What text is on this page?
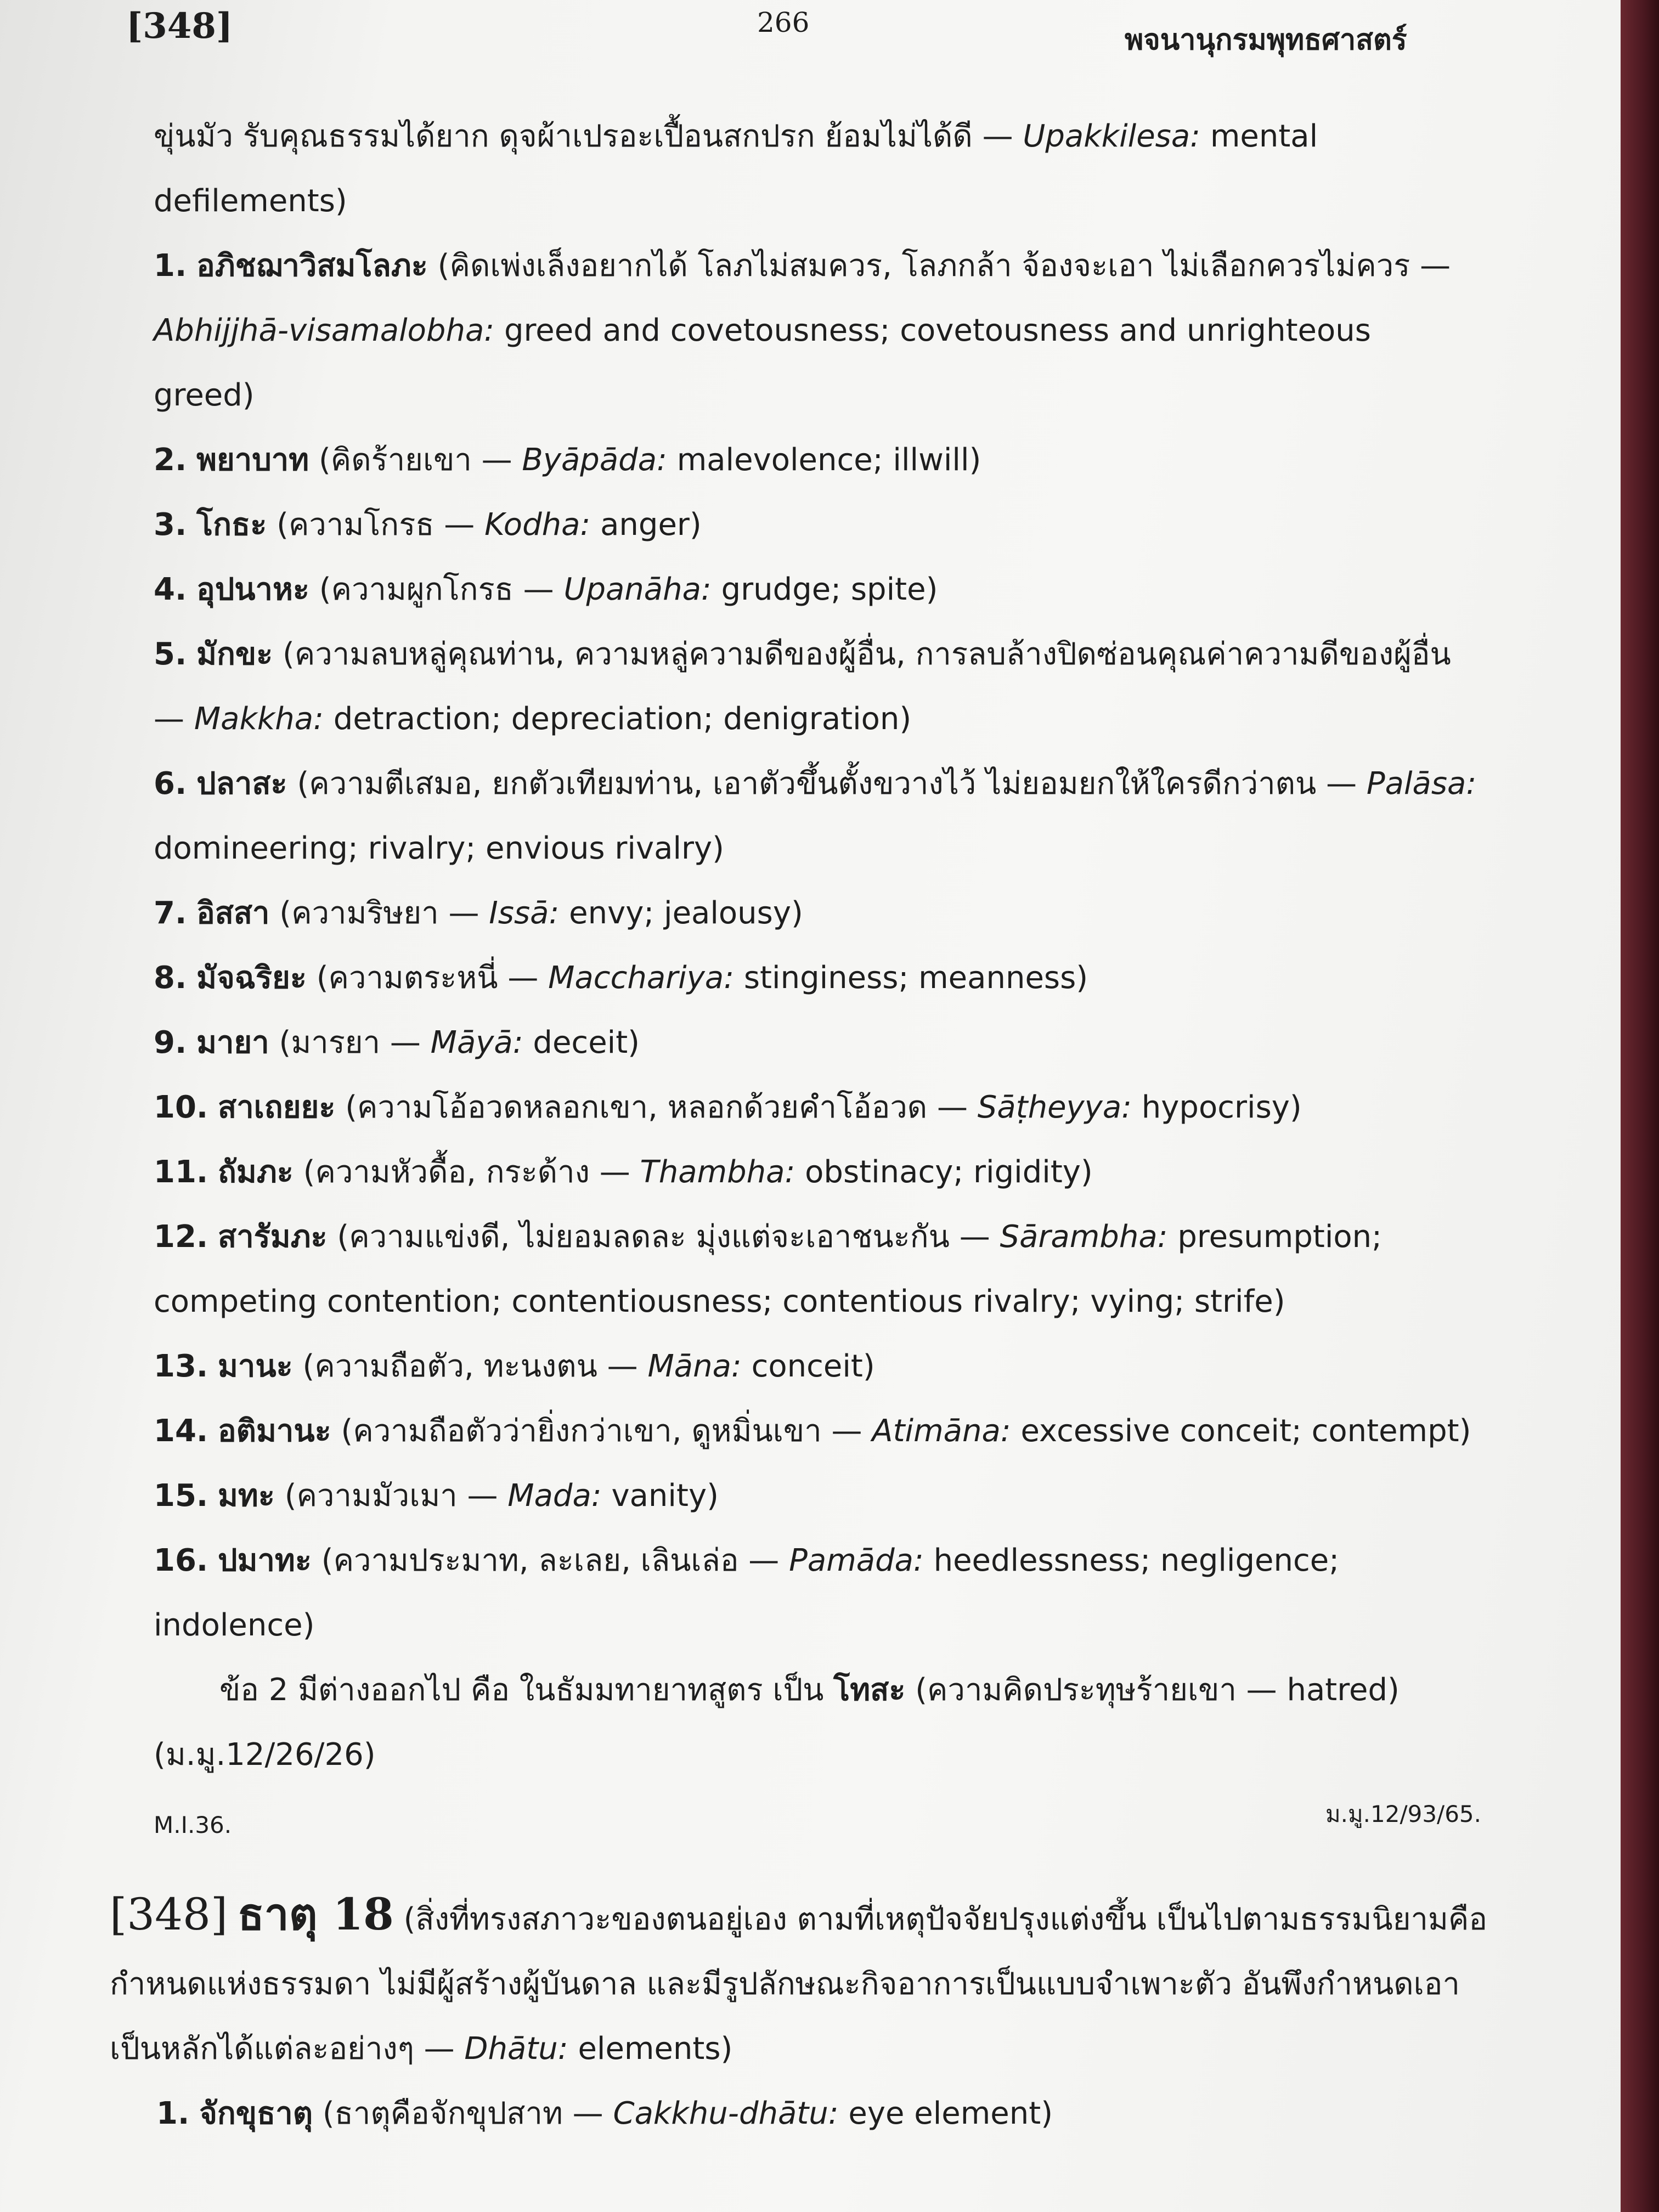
[348]	266
พจนานุกรมพุทธศาสตร์

ขุ่นมัว รับคุณธรรมได้ยาก ดุจผ้าเปรอะเปื้อนสกปรก ย้อมไม่ได้ดี — Upakkilesa: mental defilements)

1. อภิชฌาวิสมโลภะ (คิดเพ่งเล็งอยากได้ โลภไม่สมควร, โลภกล้า จ้องจะเอา ไม่เลือกควรไม่ควร — Abhijjhā-visamalobha: greed and covetousness; covetousness and unrighteous greed)

2. พยาบาท (คิดร้ายเขา — Byāpāda: malevolence; illwill)

3. โกธะ (ความโกรธ — Kodha: anger)

4. อุปนาหะ (ความผูกโกรธ — Upanāha: grudge; spite)

5. มักขะ (ความลบหลู่คุณท่าน, ความหลู่ความดีของผู้อื่น, การลบล้างปิดซ่อนคุณค่าความดีของผู้อื่น — Makkha: detraction; depreciation; denigration)

6. ปลาสะ (ความตีเสมอ, ยกตัวเทียมท่าน, เอาตัวขึ้นตั้งขวางไว้ ไม่ยอมยกให้ใครดีกว่าตน — Palāsa: domineering; rivalry; envious rivalry)

7. อิสสา (ความริษยา — Issā: envy; jealousy)

8. มัจฉริยะ (ความตระหนี่ — Macchariya: stinginess; meanness)

9. มายา (มารยา — Māyā: deceit)

10. สาเถยยะ (ความโอ้อวดหลอกเขา, หลอกด้วยคำโอ้อวด — Sāṭheyya: hypocrisy)

11. ถัมภะ (ความหัวดื้อ, กระด้าง — Thambha: obstinacy; rigidity)

12. สารัมภะ (ความแข่งดี, ไม่ยอมลดละ มุ่งแต่จะเอาชนะกัน — Sārambha: presumption; competing contention; contentiousness; contentious rivalry; vying; strife)

13. มานะ (ความถือตัว, ทะนงตน — Māna: conceit)

14. อติมานะ (ความถือตัวว่ายิ่งกว่าเขา, ดูหมิ่นเขา — Atimāna: excessive conceit; contempt)

15. มทะ (ความมัวเมา — Mada: vanity)

16. ปมาทะ (ความประมาท, ละเลย, เลินเล่อ — Pamāda: heedlessness; negligence; indolence)

ข้อ 2 มีต่างออกไป คือ ในธัมมทายาทสูตร เป็น โทสะ (ความคิดประทุษร้ายเขา — hatred) (ม.มู.12/26/26)

M.I.36.	ม.มู.12/93/65.

[348] ธาตุ 18 (สิ่งที่ทรงสภาวะของตนอยู่เอง ตามที่เหตุปัจจัยปรุงแต่งขึ้น เป็นไปตามธรรมนิยามคือกำหนดแห่งธรรมดา ไม่มีผู้สร้างผู้บันดาล และมีรูปลักษณะกิจอาการเป็นแบบจำเพาะตัว อันพึงกำหนดเอาเป็นหลักได้แต่ละอย่างๆ — Dhātu: elements)

1. จักขุธาตุ (ธาตุคือจักขุปสาท — Cakkhu-dhātu: eye element)
